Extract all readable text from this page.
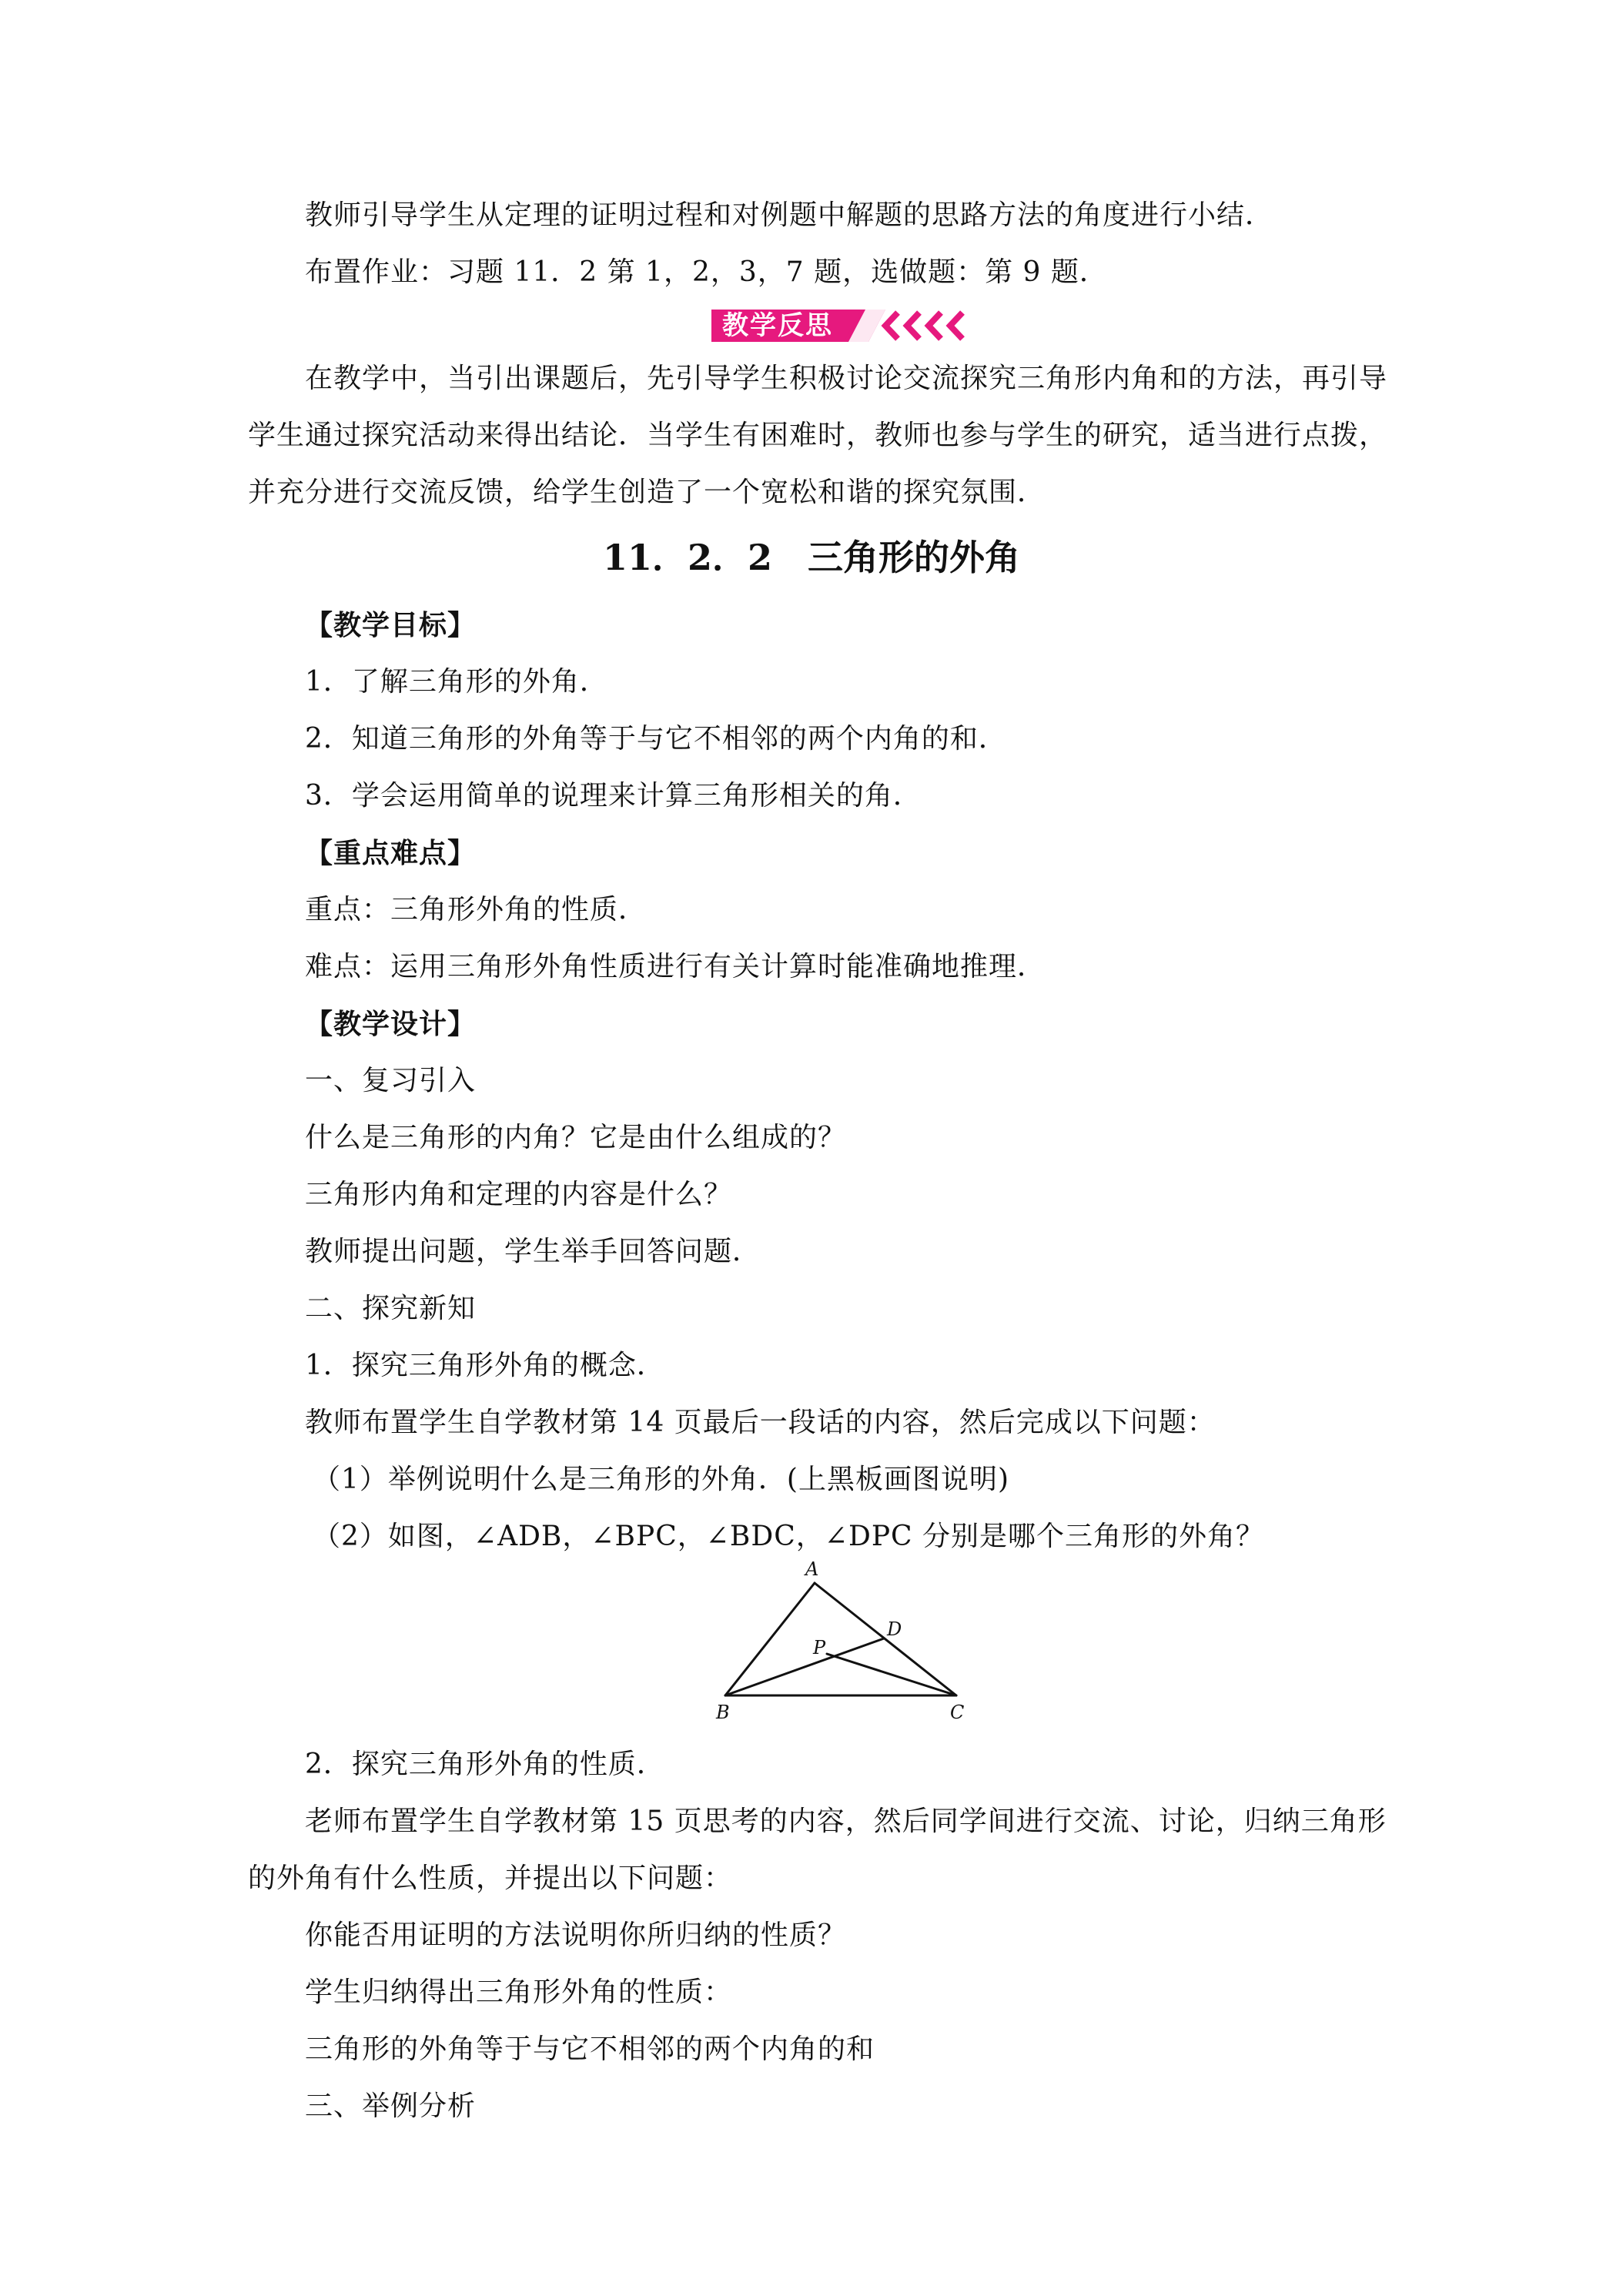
教师引导学生从定理的证明过程和对例题中解题的思路方法的角度进行小结．
布置作业：习题 11．2 第 1，2，3，7 题，选做题：第 9 题．
教学反思
在教学中，当引出课题后，先引导学生积极讨论交流探究三角形内角和的方法，再引导
学生通过探究活动来得出结论．当学生有困难时，教师也参与学生的研究，适当进行点拨，
并充分进行交流反馈，给学生创造了一个宽松和谐的探究氛围．
11．2．2　三角形的外角
【教学目标】
1．了解三角形的外角．
2．知道三角形的外角等于与它不相邻的两个内角的和．
3．学会运用简单的说理来计算三角形相关的角．
【重点难点】
重点：三角形外角的性质．
难点：运用三角形外角性质进行有关计算时能准确地推理．
【教学设计】
一、复习引入
什么是三角形的内角？它是由什么组成的？
三角形内角和定理的内容是什么？
教师提出问题，学生举手回答问题．
二、探究新知
1．探究三角形外角的概念．
教师布置学生自学教材第 14 页最后一段话的内容，然后完成以下问题：
（1）举例说明什么是三角形的外角．(上黑板画图说明)
（2）如图，∠ADB，∠BPC，∠BDC，∠DPC 分别是哪个三角形的外角？
A
D
P
B	C
2．探究三角形外角的性质．
老师布置学生自学教材第 15 页思考的内容，然后同学间进行交流、讨论，归纳三角形
的外角有什么性质，并提出以下问题：
你能否用证明的方法说明你所归纳的性质？
学生归纳得出三角形外角的性质：
三角形的外角等于与它不相邻的两个内角的和
三、举例分析
